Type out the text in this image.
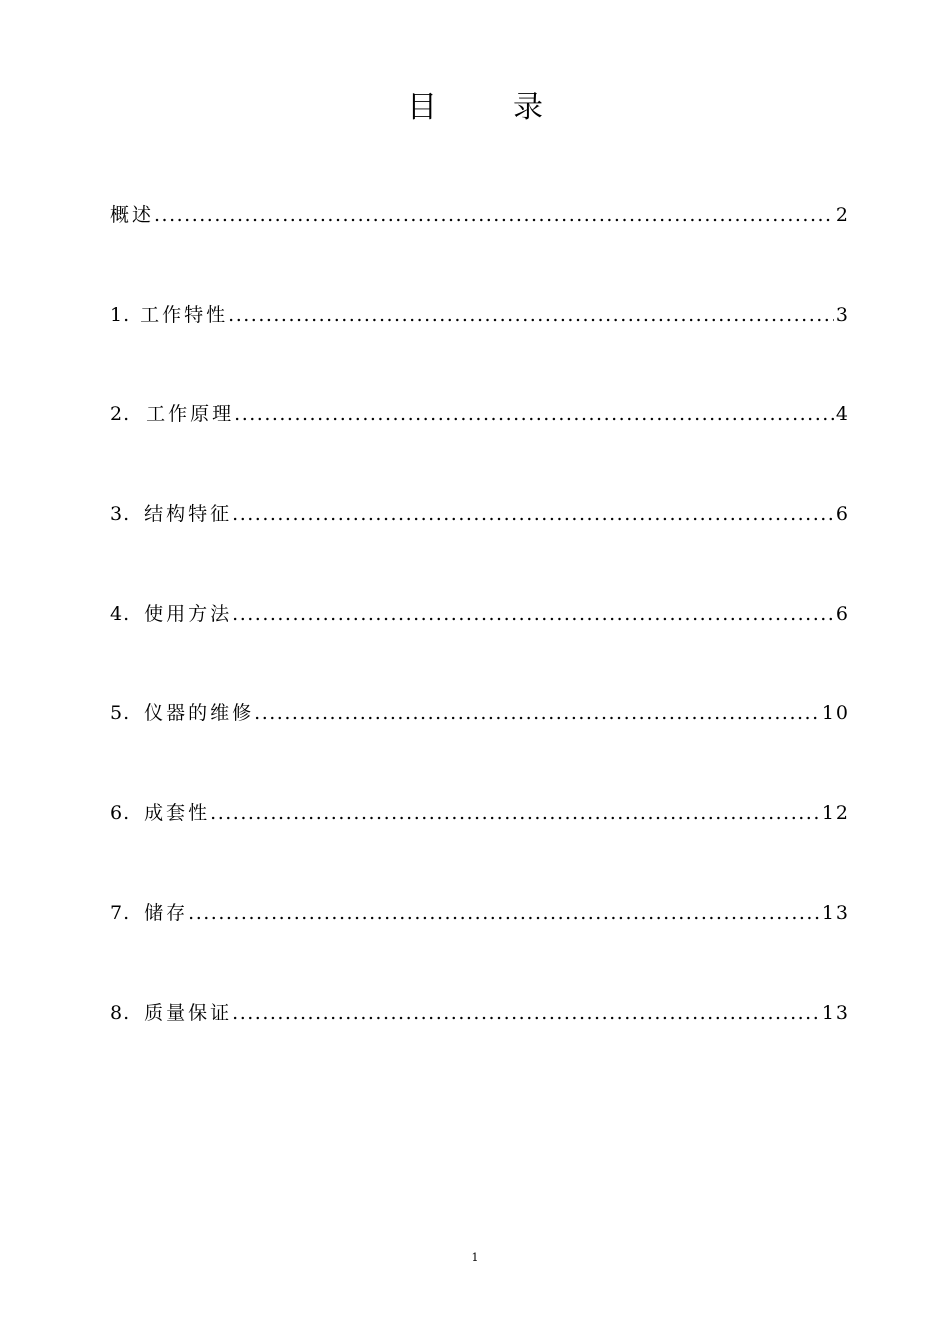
目	录
概述 .....	2
1. 工作特性 .....	3
2. 工作原理 .....	4
3. 结构特征 .....	6
4. 使用方法 .....	6
5. 仪器的维修 .....	10
6. 成套性 .....	12
7. 储存 .....	13
8. 质量保证 .....	13
1
